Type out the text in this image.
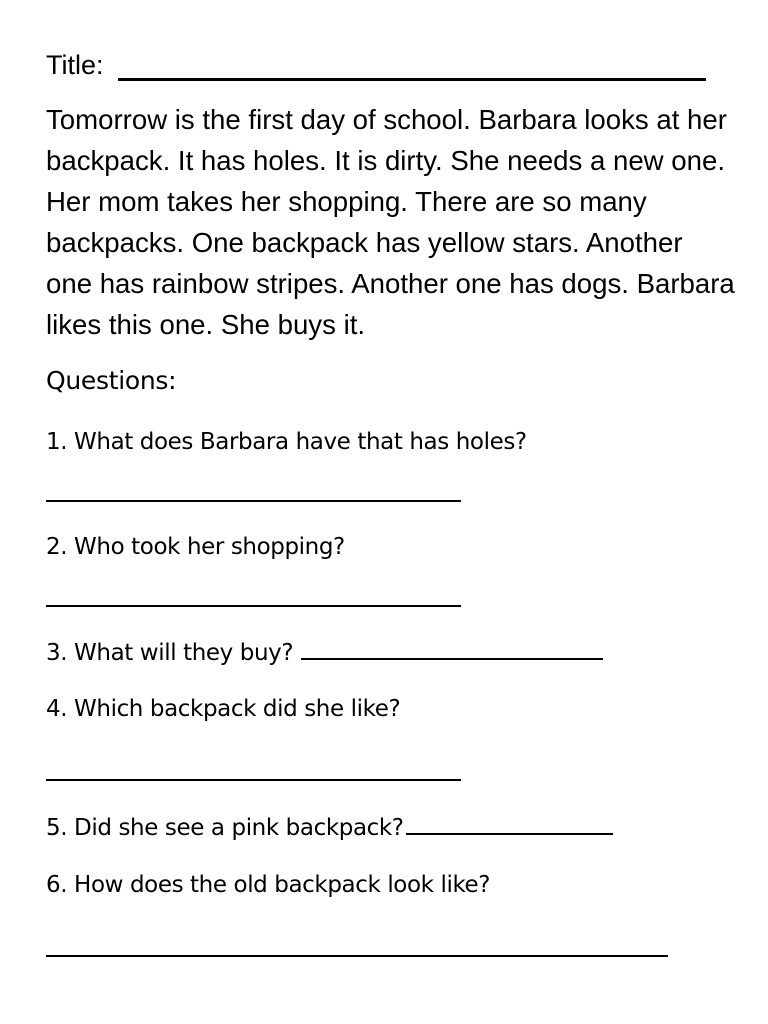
Title:

Tomorrow is the first day of school. Barbara looks at her backpack. It has holes. It is dirty. She needs a new one. Her mom takes her shopping. There are so many backpacks. One backpack has yellow stars. Another one has rainbow stripes. Another one has dogs. Barbara likes this one. She buys it.

Questions:
1. What does Barbara have that has holes?
2. Who took her shopping?
3. What will they buy?
4. Which backpack did she like?
5. Did she see a pink backpack?
6. How does the old backpack look like?
